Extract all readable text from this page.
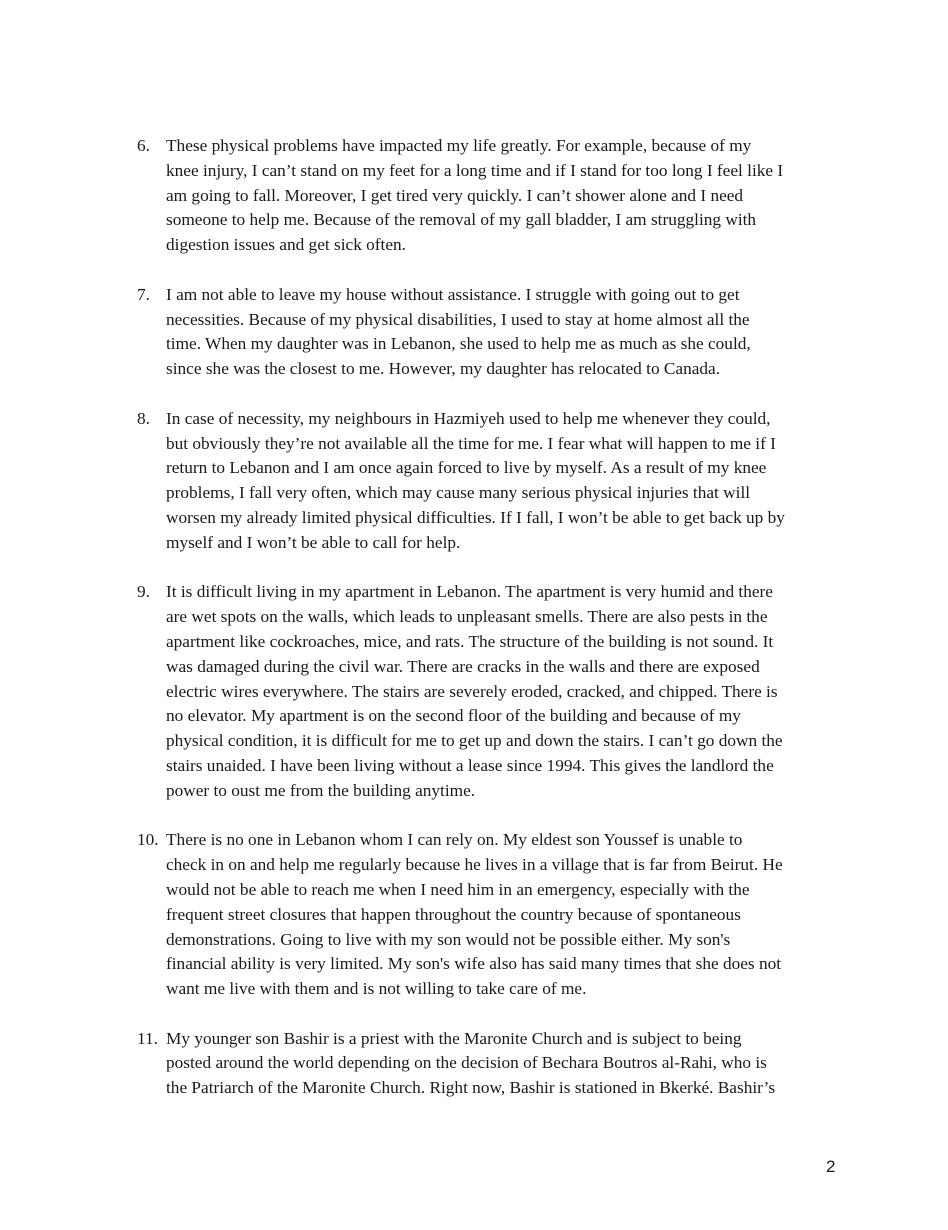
6. These physical problems have impacted my life greatly. For example, because of my
knee injury, I can’t stand on my feet for a long time and if I stand for too long I feel like I
am going to fall. Moreover, I get tired very quickly. I can’t shower alone and I need
someone to help me. Because of the removal of my gall bladder, I am struggling with
digestion issues and get sick often.
7. I am not able to leave my house without assistance. I struggle with going out to get
necessities. Because of my physical disabilities, I used to stay at home almost all the
time. When my daughter was in Lebanon, she used to help me as much as she could,
since she was the closest to me. However, my daughter has relocated to Canada.
8. In case of necessity, my neighbours in Hazmiyeh used to help me whenever they could,
but obviously they’re not available all the time for me. I fear what will happen to me if I
return to Lebanon and I am once again forced to live by myself. As a result of my knee
problems, I fall very often, which may cause many serious physical injuries that will
worsen my already limited physical difficulties. If I fall, I won’t be able to get back up by
myself and I won’t be able to call for help.
9. It is difficult living in my apartment in Lebanon. The apartment is very humid and there
are wet spots on the walls, which leads to unpleasant smells. There are also pests in the
apartment like cockroaches, mice, and rats. The structure of the building is not sound. It
was damaged during the civil war. There are cracks in the walls and there are exposed
electric wires everywhere. The stairs are severely eroded, cracked, and chipped. There is
no elevator. My apartment is on the second floor of the building and because of my
physical condition, it is difficult for me to get up and down the stairs. I can’t go down the
stairs unaided. I have been living without a lease since 1994. This gives the landlord the
power to oust me from the building anytime.
10. There is no one in Lebanon whom I can rely on. My eldest son Youssef is unable to
check in on and help me regularly because he lives in a village that is far from Beirut. He
would not be able to reach me when I need him in an emergency, especially with the
frequent street closures that happen throughout the country because of spontaneous
demonstrations. Going to live with my son would not be possible either. My son's
financial ability is very limited. My son's wife also has said many times that she does not
want me live with them and is not willing to take care of me.
11. My younger son Bashir is a priest with the Maronite Church and is subject to being
posted around the world depending on the decision of Bechara Boutros al-Rahi, who is
the Patriarch of the Maronite Church. Right now, Bashir is stationed in Bkerké. Bashir’s
2
